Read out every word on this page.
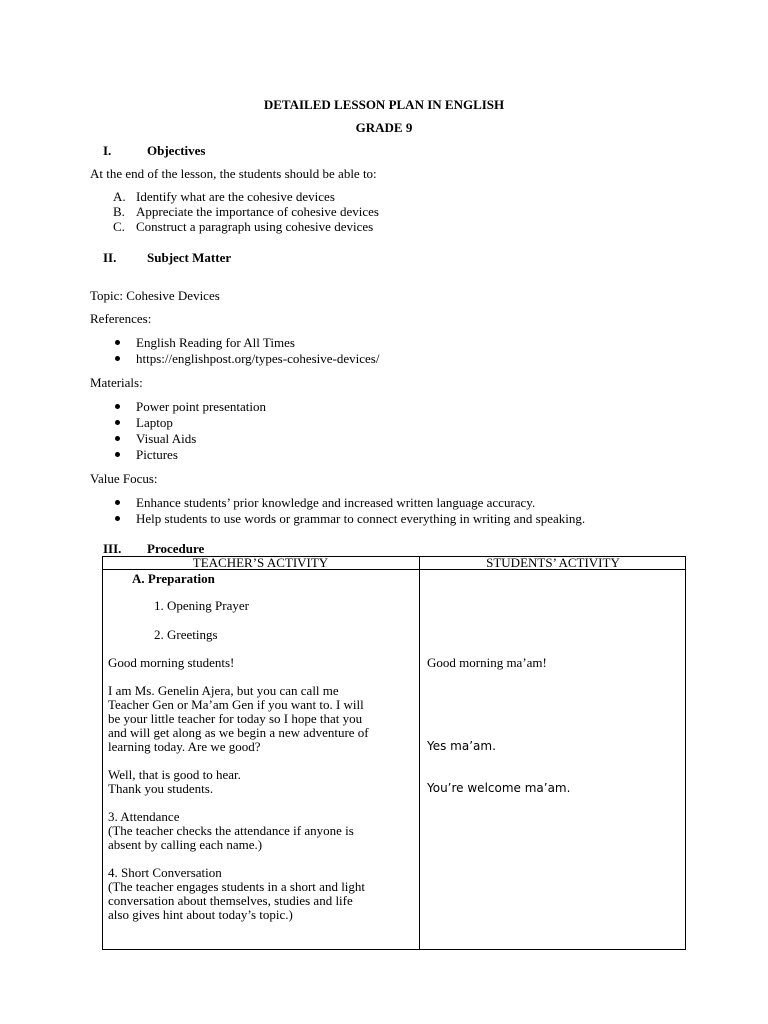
DETAILED LESSON PLAN IN ENGLISH
GRADE 9
I.	Objectives
At the end of the lesson, the students should be able to:
A. Identify what are the cohesive devices
B. Appreciate the importance of cohesive devices
C. Construct a paragraph using cohesive devices
II. Subject Matter
Topic: Cohesive Devices
References:
English Reading for All Times
https://englishpost.org/types-cohesive-devices/
Materials:
Power point presentation
Laptop
Visual Aids
Pictures
Value Focus:
Enhance students’ prior knowledge and increased written language accuracy.
Help students to use words or grammar to connect everything in writing and speaking.
III. Procedure
TEACHER’S ACTIVITY	STUDENTS’ ACTIVITY
A. Preparation
1. Opening Prayer
2. Greetings
Good morning students!
I am Ms. Genelin Ajera, but you can call me
Teacher Gen or Ma’am Gen if you want to. I will
be your little teacher for today so I hope that you
and will get along as we begin a new adventure of
learning today. Are we good?
Well, that is good to hear.
Thank you students.
3. Attendance
(The teacher checks the attendance if anyone is
absent by calling each name.)
4. Short Conversation
(The teacher engages students in a short and light
conversation about themselves, studies and life
also gives hint about today’s topic.)
Good morning ma’am!
Yes ma’am.
You’re welcome ma’am.
